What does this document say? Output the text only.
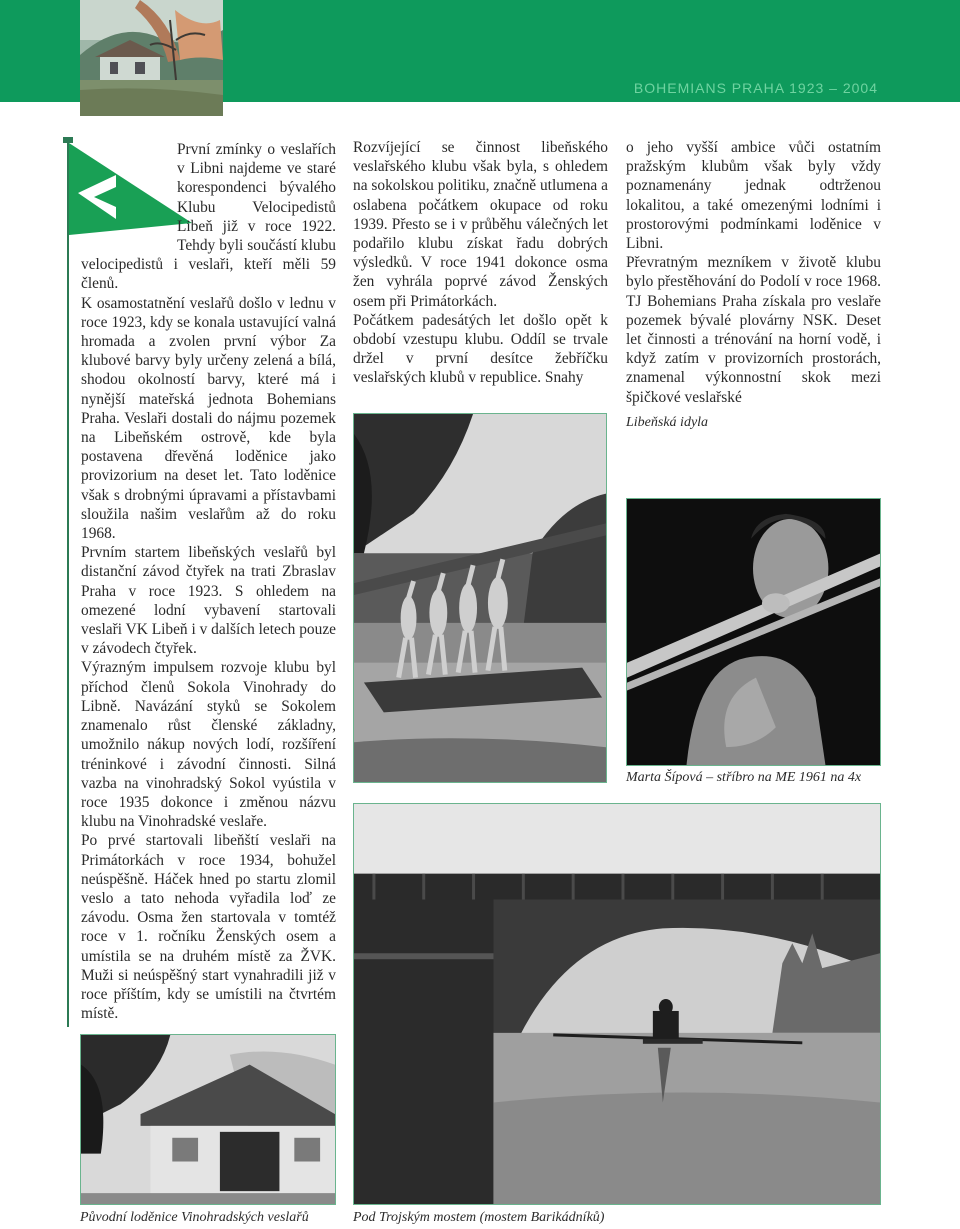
BOHEMIANS PRAHA 1923 – 2004

První zmínky o veslařích v Libni najdeme ve staré korespondenci bývalého Klubu Velocipedistů Libeň již v roce 1922. Tehdy byli součástí klubu velocipedistů i veslaři, kteří měli 59 členů.

K osamostatnění veslařů došlo v lednu v roce 1923, kdy se konala ustavující valná hromada a zvolen první výbor Za klubové barvy byly určeny zelená a bílá, shodou okolností barvy, které má i nynější mateřská jednota Bohemians Praha. Veslaři dostali do nájmu pozemek na Libeňském ostrově, kde byla postavena dřevěná loděnice jako provizorium na deset let. Tato loděnice však s drobnými úpravami a přístavbami sloužila našim veslařům až do roku 1968.

Prvním startem libeňských veslařů byl distanční závod čtyřek na trati Zbraslav Praha v roce 1923. S ohledem na omezené lodní vybavení startovali veslaři VK Libeň i v dalších letech pouze v závodech čtyřek.

Výrazným impulsem rozvoje klubu byl příchod členů Sokola Vinohrady do Libně. Navázání styků se Sokolem znamenalo růst členské základny, umožnilo nákup nových lodí, rozšíření tréninkové i závodní činnosti. Silná vazba na vinohradský Sokol vyústila v roce 1935 dokonce i změnou názvu klubu na Vinohradské veslaře.

Po prvé startovali libeňští veslaři na Primátorkách v roce 1934, bohužel neúspěšně. Háček hned po startu zlomil veslo a tato nehoda vyřadila loď ze závodu. Osma žen startovala v tomtéž roce v 1. ročníku Ženských osem a umístila se na druhém místě za ŽVK. Muži si neúspěšný start vynahradili již v roce příštím, kdy se umístili na čtvrtém místě.

Rozvíjející se činnost libeňského veslařského klubu však byla, s ohledem na sokolskou politiku, značně utlumena a oslabena počátkem okupace od roku 1939. Přesto se i v průběhu válečných let podařilo klubu získat řadu dobrých výsledků. V roce 1941 dokonce osma žen vyhrála poprvé závod Ženských osem při Primátorkách.

Počátkem padesátých let došlo opět k období vzestupu klubu. Oddíl se trvale držel v první desítce žebříčku veslařských klubů v republice. Snahy

o jeho vyšší ambice vůči ostatním pražským klubům však byly vždy poznamenány jednak odtrženou lokalitou, a také omezenými lodními i prostorovými podmínkami loděnice v Libni.

Převratným mezníkem v životě klubu bylo přestěhování do Podolí v roce 1968. TJ Bohemians Praha získala pro veslaře pozemek bývalé plovárny NSK. Deset let činnosti a trénování na horní vodě, i když zatím v provizorních prostorách, znamenal výkonnostní skok mezi špičkové veslařské

Libeňská idyla
Marta Šípová – stříbro na ME 1961 na 4x
Pod Trojským mostem (mostem Barikádníků)
Původní loděnice Vinohradských veslařů
